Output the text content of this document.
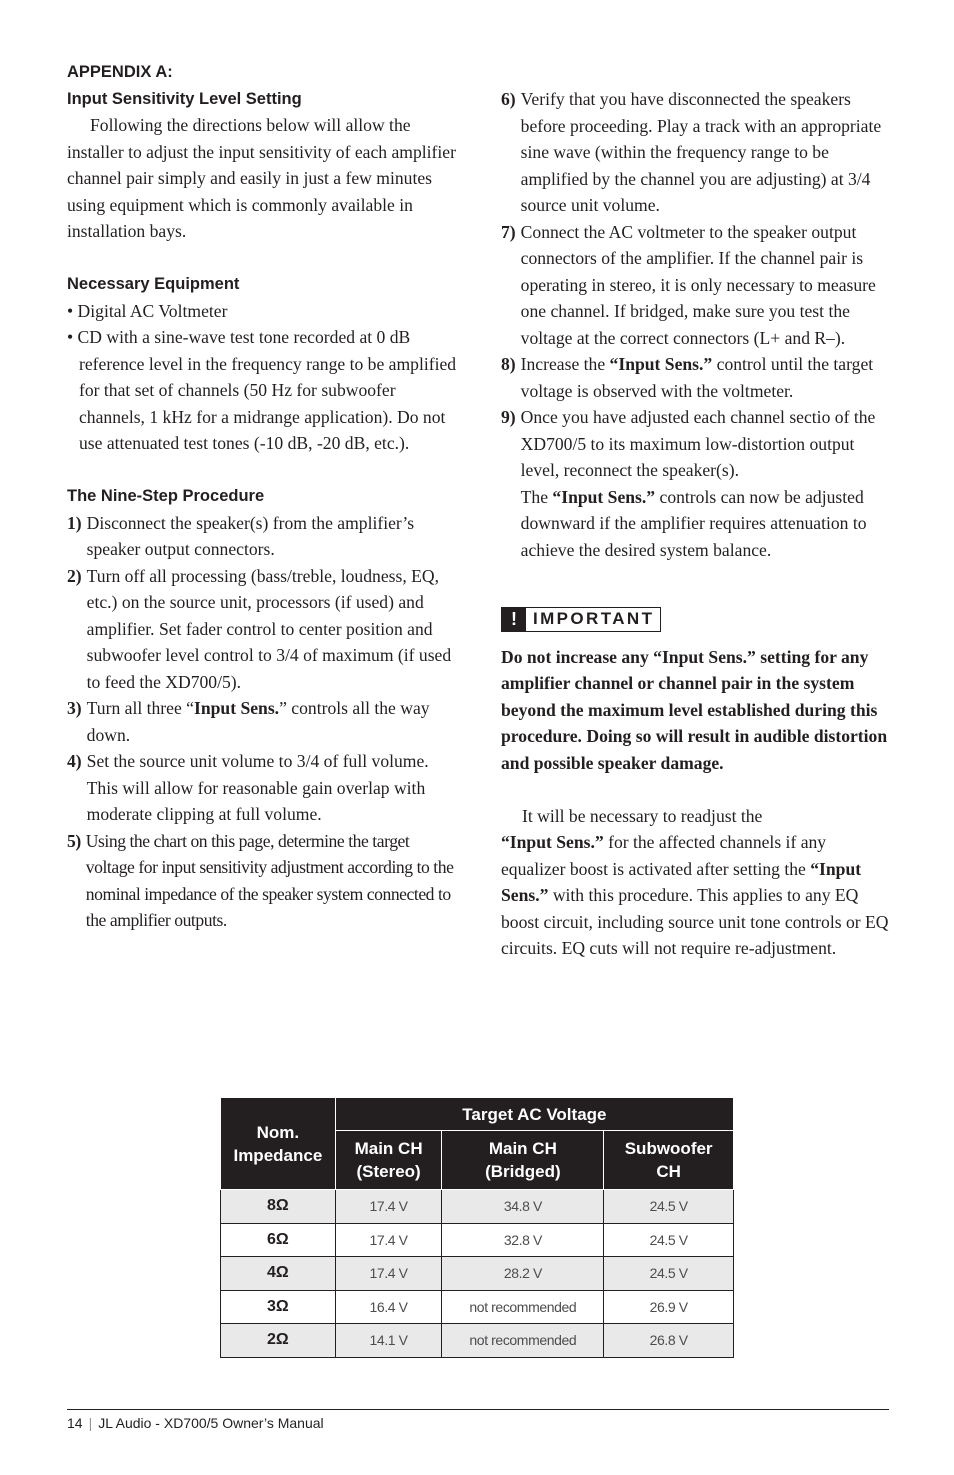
APPENDIX A:
Input Sensitivity Level Setting

Following the directions below will allow the installer to adjust the input sensitivity of each amplifier channel pair simply and easily in just a few minutes using equipment which is commonly available in installation bays.

Necessary Equipment
• Digital AC Voltmeter
• CD with a sine-wave test tone recorded at 0 dB reference level in the frequency range to be amplified for that set of channels (50 Hz for subwoofer channels, 1 kHz for a midrange application). Do not use attenuated test tones (-10 dB, -20 dB, etc.).
The Nine-Step Procedure
1) Disconnect the speaker(s) from the amplifier’s speaker output connectors.
2) Turn off all processing (bass/treble, loudness, EQ, etc.) on the source unit, processors (if used) and amplifier. Set fader control to center position and subwoofer level control to 3/4 of maximum (if used to feed the XD700/5).
3) Turn all three “Input Sens.” controls all the way down.
4) Set the source unit volume to 3/4 of full volume. This will allow for reasonable gain overlap with moderate clipping at full volume.
5) Using the chart on this page, determine the target voltage for input sensitivity adjustment according to the nominal impedance of the speaker system connected to the amplifier outputs.
6) Verify that you have disconnected the speakers before proceeding. Play a track with an appropriate sine wave (within the frequency range to be amplified by the channel you are adjusting) at 3/4 source unit volume.
7) Connect the AC voltmeter to the speaker output connectors of the amplifier. If the channel pair is operating in stereo, it is only necessary to measure one channel. If bridged, make sure you test the voltage at the correct connectors (L+ and R–).
8) Increase the “Input Sens.” control until the target voltage is observed with the voltmeter.
9) Once you have adjusted each channel sectio of the XD700/5 to its maximum low-distortion output level, reconnect the speaker(s).
The “Input Sens.” controls can now be adjusted downward if the amplifier requires attenuation to achieve the desired system balance.
! IMPORTANT

Do not increase any “Input Sens.” setting for any amplifier channel or channel pair in the system beyond the maximum level established during this procedure. Doing so will result in audible distortion and possible speaker damage.

It will be necessary to readjust the
“Input Sens.” for the affected channels if any equalizer boost is activated after setting the “Input Sens.” with this procedure. This applies to any EQ boost circuit, including source unit tone controls or EQ circuits. EQ cuts will not require re-adjustment.

Nom. Impedance	Target AC Voltage		
	Main CH (Stereo)	Main CH (Bridged)	Subwoofer CH
8Ω	17.4 V	34.8 V	24.5 V
6Ω	17.4 V	32.8 V	24.5 V
4Ω	17.4 V	28.2 V	24.5 V
3Ω	16.4 V	not recommended	26.9 V
2Ω	14.1 V	not recommended	26.8 V
14 | JL Audio - XD700/5 Owner’s Manual
